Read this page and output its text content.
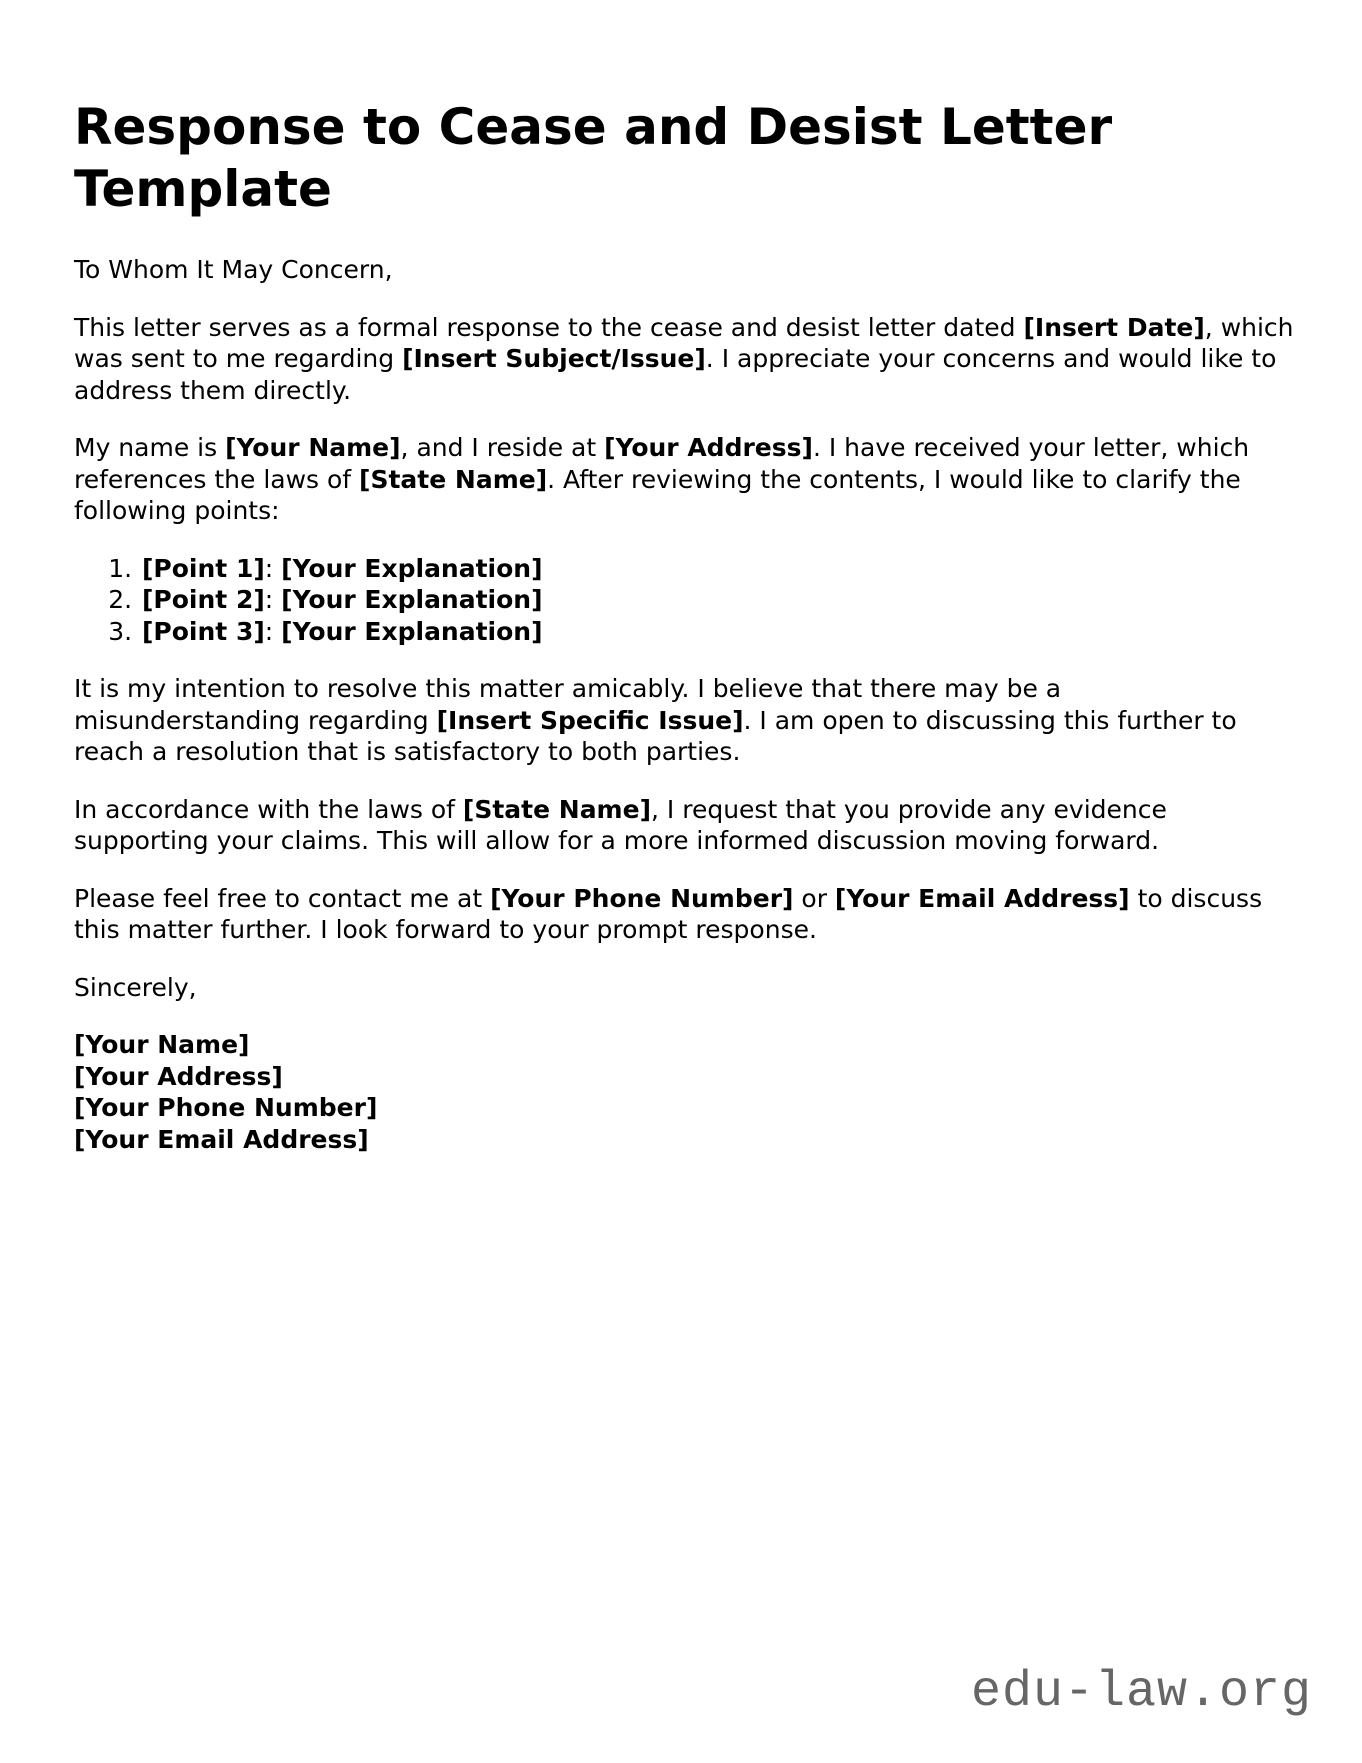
Response to Cease and Desist Letter Template

To Whom It May Concern,

This letter serves as a formal response to the cease and desist letter dated [Insert Date], which was sent to me regarding [Insert Subject/Issue]. I appreciate your concerns and would like to address them directly.

My name is [Your Name], and I reside at [Your Address]. I have received your letter, which references the laws of [State Name]. After reviewing the contents, I would like to clarify the following points:

1. [Point 1]: [Your Explanation]
2. [Point 2]: [Your Explanation]
3. [Point 3]: [Your Explanation]

It is my intention to resolve this matter amicably. I believe that there may be a misunderstanding regarding [Insert Specific Issue]. I am open to discussing this further to reach a resolution that is satisfactory to both parties.

In accordance with the laws of [State Name], I request that you provide any evidence supporting your claims. This will allow for a more informed discussion moving forward.

Please feel free to contact me at [Your Phone Number] or [Your Email Address] to discuss this matter further. I look forward to your prompt response.

Sincerely,

[Your Name]
[Your Address]
[Your Phone Number]
[Your Email Address]
edu-law.org
